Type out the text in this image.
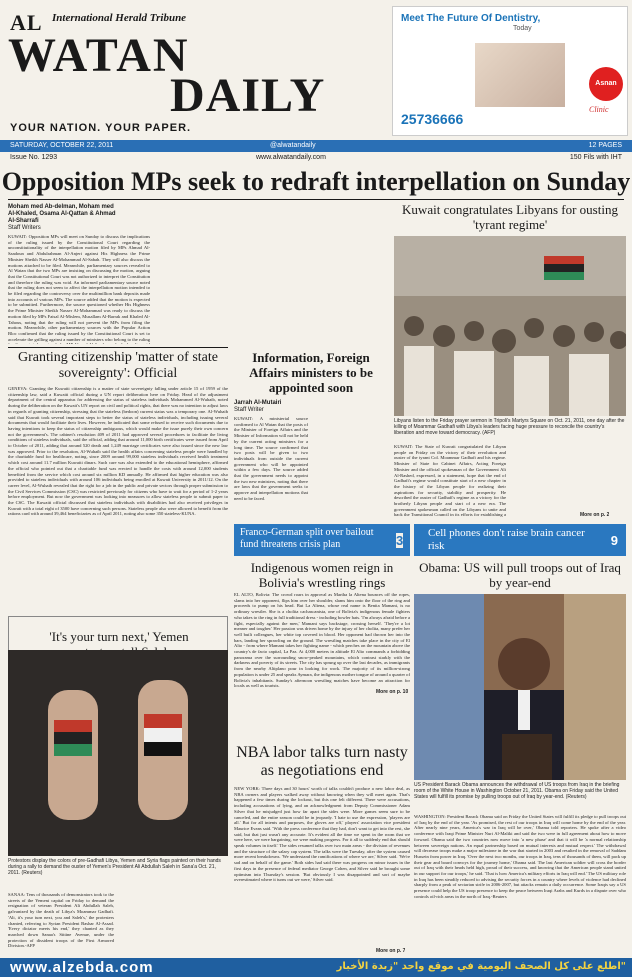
AL International Herald Tribune
WATAN
DAILY
YOUR NATION. YOUR PAPER.
Meet The Future Of Dentistry,
Today
25736666
Asnan
Clinic
SATURDAY, OCTOBER 22, 2011	@alwatandaily	12 PAGES
Issue No. 1293	www.alwatandaily.com	150 Fils with IHT
Opposition MPs seek to redraft interpellation on Sunday
Moham med Ab-delman, Moham med
Al-Khaled, Osama Al-Qattan & Ahmad
Al-Sharrafi
Staff Writers
KUWAIT: Opposition MPs will meet on Sunday to discuss the implications of the ruling issued by the Constitutional Court regarding the unconstitutionality of the interpellation motion filed by MPs Ahmad Al-Saadoun and Abdulrahman Al-Anjeri against His Highness the Prime Minister Sheikh Nasser Al-Mohammad Al-Sabah. They will also discuss the motions attached to be filed. Meanwhile, parliamentary sources revealed to Al Watan that the two MPs are insisting on discussing the motion, arguing that the Constitutional Court was not authorized to interpret the Constitution and therefore the ruling was void. An informed parliamentary source noted that the ruling does not seem to affect the interpellation motion intended to be filed regarding the controversy over the multimillion bank deposits made into accounts of various MPs. The source added that the motion is expected to be submitted. Furthermore, the source questioned whether His Highness the Prime Minister Sheikh Nasser Al-Mohammad was ready to discuss the motion filed by MPs Faisal Al-Mislem, Musallam Al-Barrak and Khaled Al-Tahous, noting that the ruling will not prevent the MPs from filing the motion. Meanwhile, other parliamentary sources with the Popular Action Bloc confirmed that the ruling issued by the Constitutional Court is set to accelerate the grilling against a number of ministers who belong to the ruling
Kuwait congratulates Libyans for ousting 'tyrant regime'
Libyans listen to the Friday prayer sermon in Tripoli's Martyrs Square on Oct. 21, 2011, one day after the killing of Moammar Gadhafi with Libya's leaders facing huge pressure to reconcile the country's liberation and move toward democracy. (AFP)
KUWAIT: The State of Kuwait congratulated the Libyan people on Friday on the victory of their revolution and ouster of the tyrant Col. Moammar Gadhafi and his regime. Minister of State for Cabinet Affairs, Acting Foreign Minister and the official spokesman of the Government Ali Al-Rashed, expressed, in a statement, hope that the end of Gadhafi's regime would constitute start of a new chapter in the history of the Libyan people for realizing their aspirations for security, stability and prosperity. He described the ouster of Gadhafi's regime as a victory for the brotherly Libyan people and start of a new era. The government spokesman called on the Libyans to unite and back the Transitional Council in its efforts for establishing a	More on p. 2
Granting citizenship 'matter of state sovereignty': Official
GENEVA: Granting the Kuwaiti citizenship is a matter of state sovereignty falling under article 15 of 1959 of the citizenship law, said a Kuwaiti official during a UN report deliberation here on Friday. Head of the adjustment department of the central apparatus for addressing the status of stateless individuals Mohammed Al-Wuhaib, noted during the deliberation on the Kuwait's UN report on civil and political rights, that there was no intention to adjust laws in regards of granting citizenship, stressing that the stateless (bedoon) current status was a temporary one. Al-Wuhaib said that Kuwait took several important steps to better the status of stateless individuals, including issuing several documents that would facilitate their lives. However, he indicated that some refused to receive such documents due to having intentions to keep the status of citizenship ambiguous, which would make the issue purely their own concern not the government's. The cabinet's resolution 409 of 2011 had approved several procedures to facilitate the living conditions of stateless individuals, said the official, adding that around 11,000 birth certificates were issued from April to October of 2011, adding that around 520 death and 1,249 marriage certificates were also issued since the new law was approved. Prior to the resolution, Al-Wuhaib said the health affairs concerning stateless people were handled by the charitable fund for healthcare, noting, since 2009 around 99,000 stateless individuals received health treatment which cost around 11.7 million Kuwaiti dinars. Such care was also extended to the educational hemisphere, affirmed the official who pointed out that a charitable fund was erected to handle the costs with around 12,000 students benefited from the service which cost around six million KD annually. He affirmed that higher education was also provided to stateless individuals with around 106 individuals being enrolled at Kuwait University in 2011/12. On the career level, Al-Wuhaib revealed that the right for a job in the public and private sectors through proper submission to the Civil Services Commission (CSC) was restricted previously for citizens who have to wait for a period of 1-2 years before employment. But now the government was looking into measures to allow stateless people to submit paper to the CSC. The Kuwaiti official discussed that stateless individuals with disabilities had also received privileges in Kuwait with a total eight of 3500 have concerning such persons. Stateless people also were allowed to benefit from the rations card with around 39,464 beneficiaries as of April 2011, noting also some 350 stateless-KUNA.
Information, Foreign Affairs ministers to be appointed soon
Jarrah Al-Mutairi
Staff Writer
KUWAIT: A ministerial source confirmed to Al Watan that the posts of the Minister of Foreign Affairs and the Minister of Information will not be held by the current acting ministers for a long time. The source confirmed that two posts will be given to two individuals from outside the current government who will be appointed within a few days. The source added that the government needs to appoint the two new ministers, noting that there are laws that the government seeks to approve and interpellation motions that need to be faced.
Franco-German split over bailout fund threatens crisis plan	3 Cell phones don't raise brain cancer risk	9
Indigenous women reign in Bolivia's wrestling rings
EL ALTO, Bolivia: The crowd roars in approval as Martha la Altena bounces off the ropes, slams into her opponent, flips him over her shoulder, slams him onto the floor of the ring and proceeds to pump on his head. But La Altena, whose real name is Benita Mamani, is no ordinary wrestler. She is a cholita cachascanista, one of Bolivia's indigenous female fighters who takes to the ring in full traditional dress - including bowler hats. 'I'm always afraid before a fight, especially against the men,' Mamani says backstage, crossing herself. 'They're a lot meaner and tougher.' Her passion was driven home by the injury of her cholita, many prefer her well built colleagues, her white top covered in blood. Her opponent had thrown her into the bars, landing her sprawling on the ground. The wrestling matches take place in the city of El Alto - from where Mamani takes her fighting name - which perches on the mountain above the country's de facto capital, La Paz. At 4,000 meters in altitude El Alto commands a forbidding panorama over the surrounding snow-peaked mountains, which contrast starkly with the darkness and poverty of its streets. The city has sprung up over the last decades, as immigrants from the nearby Altiplano pour in looking for work. The majority of its million-strong population is under 25 and speaks Aymara, the indigenous mother tongue of around a quarter of Bolivia's inhabitants. Sunday's afternoon wrestling matches have become an attraction for locals as well as tourists.
More on p. 10
Obama: US will pull troops out of Iraq by year-end
US President Barack Obama announces the withdrawal of US troops from Iraq in the briefing room of the White House in Washington October 21, 2011. Obama on Friday said the United States will fulfill its promise by pulling troops out of Iraq by year-end. (Reuters)
WASHINGTON: President Barack Obama said on Friday the United States will fulfill its pledge to pull troops out of Iraq by the end of the year. 'As promised, the rest of our troops in Iraq will come home by the end of the year. After nearly nine years, America's war in Iraq will be over,' Obama told reporters. He spoke after a video conference with Iraqi Prime Minister Nuri Al-Maliki and said the two were in full agreement about how to move forward. Obama said the two countries now move into 'a new phase' and that it will be 'a normal relationship between sovereign nations. An equal partnership based on mutual interests and mutual respect.' The withdrawal will decrease troops make a major milestone in the war that started in 2003 and resulted in the removal of Saddam Hussein from power in Iraq. 'Over the next two months, our troops in Iraq, tens of thousands of them, will pack up their gear and board convoys for the journey home,' Obama said. The last American soldier will cross the border out of Iraq with their heads held high, proud of their success, and knowing that the American people stand united in our support for our troops,' he said. 'That is how America's military efforts in Iraq will end.' The US military role in Iraq has been steadily reduced to advising the security forces in a country where levels of violence had declined sharply from a peak of sectarian strife in 2006-2007, but attacks remain a daily occurrence. Some Iraqis say a US presence could help the US troop presence to keep the peace between Iraqi Arabs and Kurds in a dispute over who controls oil-rich areas in the north of Iraq.-Reuters
'It's your turn next,' Yemen
Protestors display the colors of pre-Gadhafi Libya, Yemen and Syria flags painted on their hands during a rally to demand the ouster of Yemen's President Ali Abdullah Saleh in Sana'a Oct. 21, 2011. (Reuters)
SANAA: Tens of thousands of demonstrators took to the streets of the Yemeni capital on Friday to demand the resignation of veteran President Ali Abdullah Saleh, galvanized by the death of Libya's Moammar Gadhafi. 'Ali, it's your turn next, you and Saleh's,' the protesters chanted, referring to Syrian President Bashar Al-Assad. 'Every dictator meets his end,' they chanted as they marched down Sanaa's Sittine Avenue, under the protection of dissident troops of the First Armored Division.-AFP
NBA labor talks turn nasty as negotiations end
NEW YORK: Three days and 30 hours' worth of talks couldn't produce a new labor deal, as NBA owners and players walked away without knowing when they will meet again. That's happened a few times during the lockout, but this one felt different. There were accusations, including accusations of lying, and an acknowledgment from Deputy Commissioner Adam Silver that he misjudged just how far apart the sides were. More games seem sure to be canceled, and the entire season could be in jeopardy. 'I hate to use the expression, 'players are all.' But for all intents and purposes, the gloves are off,' players' association vice president Maurice Evans said. 'With the press conference that they had, don't want to get into the rest, she said, but that just wasn't any accurate. It's evident all the time we spent in the room that we were here, we were bargaining, we were making progress. For it all to suddenly end that should speak volumes in itself.' The sides resumed talks over two main areas - the division of revenues and the structure of the salary cap system. The talks were the Tuesday, after the system caused more recent breakdowns. 'We understand the ramifications of where we are,' Silver said. 'We're sad and on behalf of the game.' Both sides had said there was progress on minor issues in the first days in the presence of federal mediator George Cohen, and Silver said he brought some optimism into Thursday's session. 'But obviously I was disappointed and sort of maybe overestimated where it turns out we were,' Silver said.
More on p. 7
www.alzebda.com	اطلع على كل الصحف اليومية في موقع واحد "زبدة الأخبار"
